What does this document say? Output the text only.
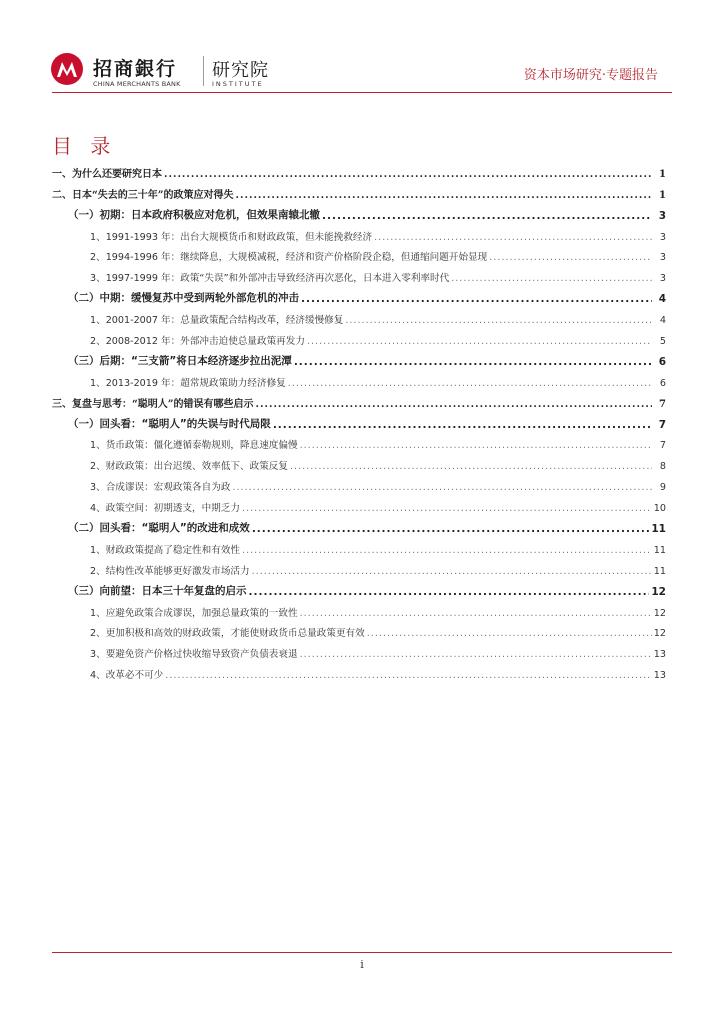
招商銀行
CHINA MERCHANTS BANK
研究院
INSTITUTE
资本市场研究·专题报告
目 录
一、为什么还要研究日本 .....	1
二、日本“失去的三十年”的政策应对得失 .....	1
（一）初期：日本政府积极应对危机，但效果南辕北辙 .....	3
1、1991-1993 年：出台大规模货币和财政政策，但未能挽救经济 .....	3
2、1994-1996 年：继续降息，大规模减税，经济和资产价格阶段企稳，但通缩问题开始显现 .....	3
3、1997-1999 年：政策“失误”和外部冲击导致经济再次恶化，日本进入零利率时代 .....	3
（二）中期：缓慢复苏中受到两轮外部危机的冲击 .....	4
1、2001-2007 年：总量政策配合结构改革，经济缓慢修复 .....	4
2、2008-2012 年：外部冲击迫使总量政策再发力 .....	5
（三）后期：“三支箭”将日本经济逐步拉出泥潭 .....	6
1、2013-2019 年：超常规政策助力经济修复 .....	6
三、复盘与思考：“聪明人”的错误有哪些启示 .....	7
（一）回头看：“聪明人”的失误与时代局限 .....	7
1、货币政策：僵化遵循泰勒规则，降息速度偏慢 .....	7
2、财政政策：出台迟缓、效率低下、政策反复 .....	8
3、合成谬误：宏观政策各自为政 .....	9
4、政策空间：初期透支，中期乏力 .....	10
（二）回头看：“聪明人”的改进和成效 .....	11
1、财政政策提高了稳定性和有效性 .....	11
2、结构性改革能够更好激发市场活力 .....	11
（三）向前望：日本三十年复盘的启示 .....	12
1、应避免政策合成谬误，加强总量政策的一致性 .....	12
2、更加积极和高效的财政政策，才能使财政货币总量政策更有效 .....	12
3、要避免资产价格过快收缩导致资产负债表衰退 .....	13
4、改革必不可少 .....	13
i
